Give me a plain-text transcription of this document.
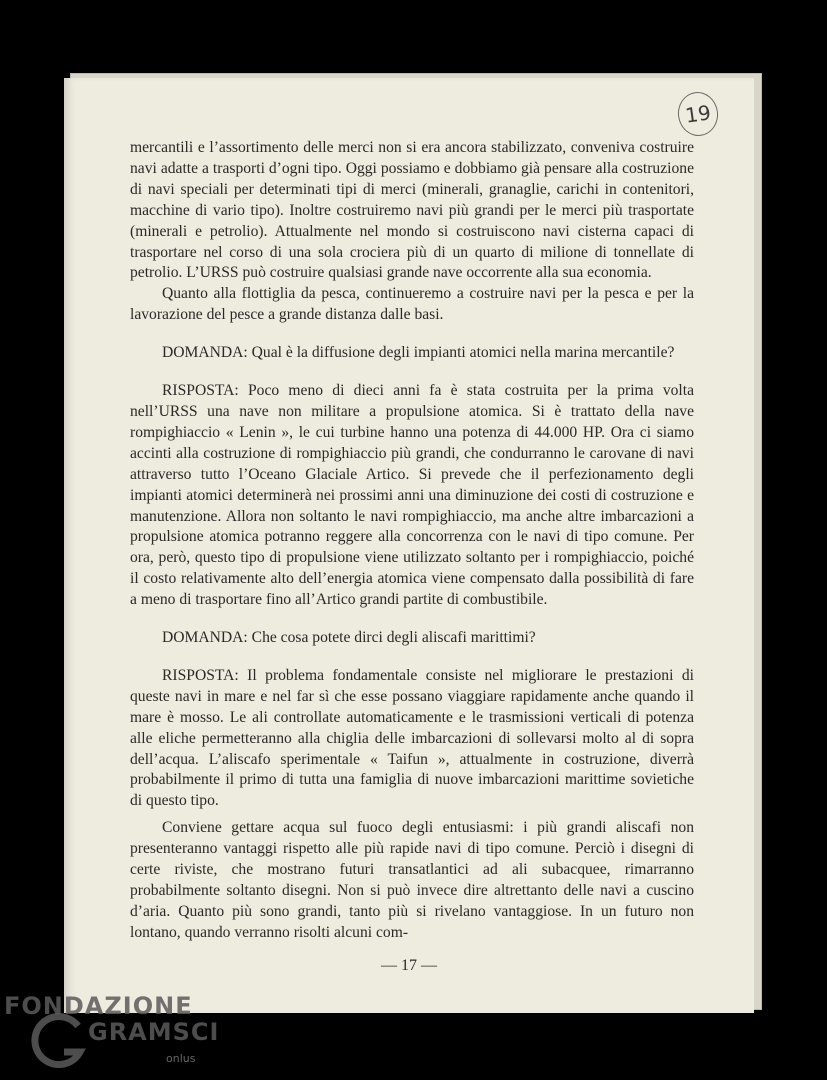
19

mercantili e l’assortimento delle merci non si era ancora stabilizzato, conveniva costruire navi adatte a trasporti d’ogni tipo. Oggi possiamo e dobbiamo già pensare alla costruzione di navi speciali per determinati tipi di merci (minerali, granaglie, carichi in contenitori, macchine di vario tipo). Inoltre costruiremo navi più grandi per le merci più trasportate (minerali e petrolio). Attualmente nel mondo si costruiscono navi cisterna capaci di trasportare nel corso di una sola crociera più di un quarto di milione di tonnellate di petrolio. L’URSS può costruire qualsiasi grande nave occorrente alla sua economia.

Quanto alla flottiglia da pesca, continueremo a costruire navi per la pesca e per la lavorazione del pesce a grande distanza dalle basi.

DOMANDA: Qual è la diffusione degli impianti atomici nella marina mercantile?

RISPOSTA: Poco meno di dieci anni fa è stata costruita per la prima volta nell’URSS una nave non militare a propulsione atomica. Si è trattato della nave rompighiaccio « Lenin », le cui turbine hanno una potenza di 44.000 HP. Ora ci siamo accinti alla costruzione di rompighiaccio più grandi, che condurranno le carovane di navi attraverso tutto l’Oceano Glaciale Artico. Si prevede che il perfezionamento degli impianti atomici determinerà nei prossimi anni una diminuzione dei costi di costruzione e manutenzione. Allora non soltanto le navi rompighiaccio, ma anche altre imbarcazioni a propulsione atomica potranno reggere alla concorrenza con le navi di tipo comune. Per ora, però, questo tipo di propulsione viene utilizzato soltanto per i rompighiaccio, poiché il costo relativamente alto dell’energia atomica viene compensato dalla possibilità di fare a meno di trasportare fino all’Artico grandi partite di combustibile.

DOMANDA: Che cosa potete dirci degli aliscafi marittimi?

RISPOSTA: Il problema fondamentale consiste nel migliorare le prestazioni di queste navi in mare e nel far sì che esse possano viaggiare rapidamente anche quando il mare è mosso. Le ali controllate automaticamente e le trasmissioni verticali di potenza alle eliche permetteranno alla chiglia delle imbarcazioni di sollevarsi molto al di sopra dell’acqua. L’aliscafo sperimentale « Taifun », attualmente in costruzione, diverrà probabilmente il primo di tutta una famiglia di nuove imbarcazioni marittime sovietiche di questo tipo.

Conviene gettare acqua sul fuoco degli entusiasmi: i più grandi aliscafi non presenteranno vantaggi rispetto alle più rapide navi di tipo comune. Perciò i disegni di certe riviste, che mostrano futuri transatlantici ad ali subacquee, rimarranno probabilmente soltanto disegni. Non si può invece dire altrettanto delle navi a cuscino d’aria. Quanto più sono grandi, tanto più si rivelano vantaggiose. In un futuro non lontano, quando verranno risolti alcuni com-

— 17 —
FONDAZIONE
GRAMSCI
onlus
